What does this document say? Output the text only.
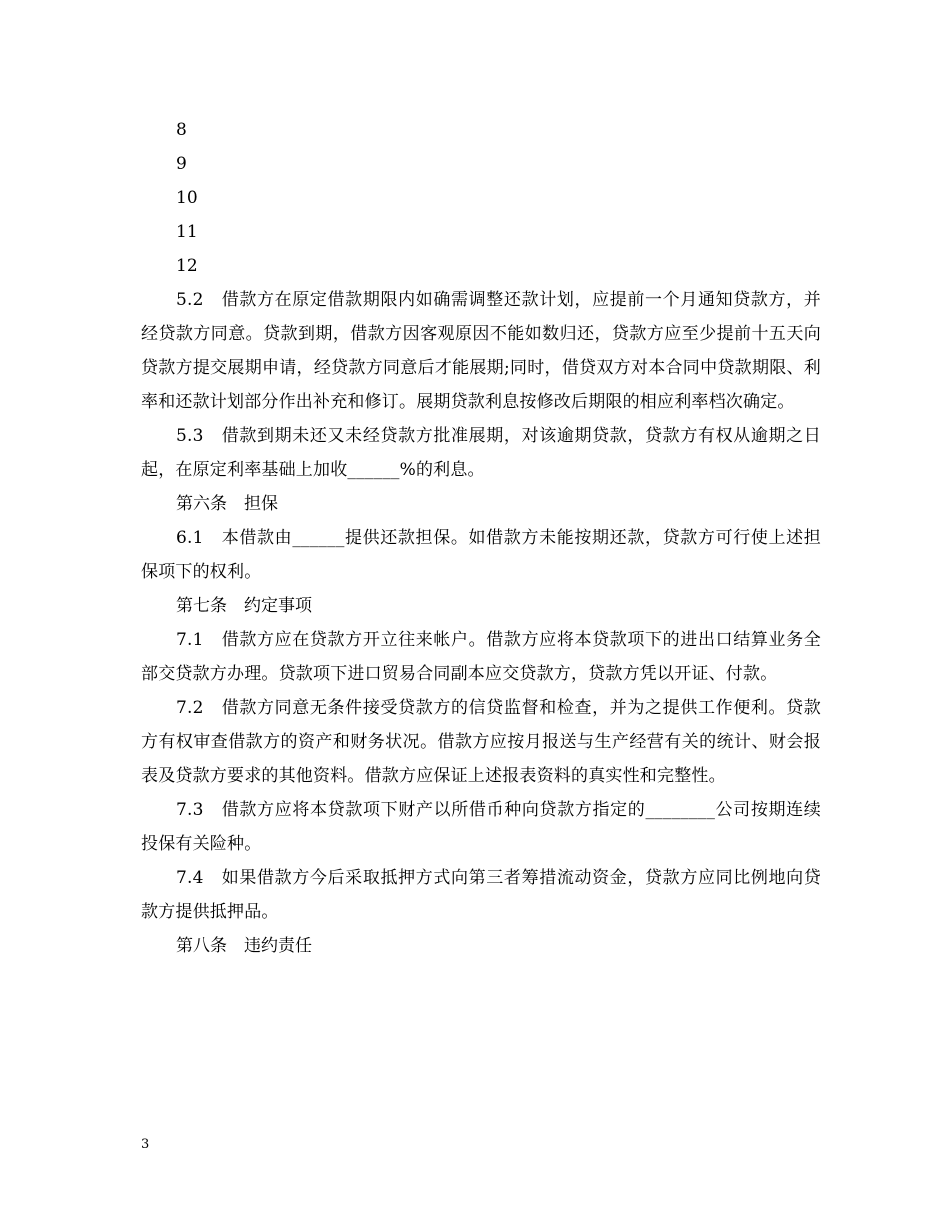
8
9
10
11
12

5.2　借款方在原定借款期限内如确需调整还款计划，应提前一个月通知贷款方，并经贷款方同意。贷款到期，借款方因客观原因不能如数归还，贷款方应至少提前十五天向贷款方提交展期申请，经贷款方同意后才能展期;同时，借贷双方对本合同中贷款期限、利率和还款计划部分作出补充和修订。展期贷款利息按修改后期限的相应利率档次确定。

5.3　借款到期未还又未经贷款方批准展期，对该逾期贷款，贷款方有权从逾期之日起，在原定利率基础上加收______%的利息。

第六条　担保

6.1　本借款由______提供还款担保。如借款方未能按期还款，贷款方可行使上述担保项下的权利。

第七条　约定事项

7.1　借款方应在贷款方开立往来帐户。借款方应将本贷款项下的进出口结算业务全部交贷款方办理。贷款项下进口贸易合同副本应交贷款方，贷款方凭以开证、付款。

7.2　借款方同意无条件接受贷款方的信贷监督和检查，并为之提供工作便利。贷款方有权审查借款方的资产和财务状况。借款方应按月报送与生产经营有关的统计、财会报表及贷款方要求的其他资料。借款方应保证上述报表资料的真实性和完整性。

7.3　借款方应将本贷款项下财产以所借币种向贷款方指定的________公司按期连续投保有关险种。

7.4　如果借款方今后采取抵押方式向第三者筹措流动资金，贷款方应同比例地向贷款方提供抵押品。

第八条　违约责任

3
